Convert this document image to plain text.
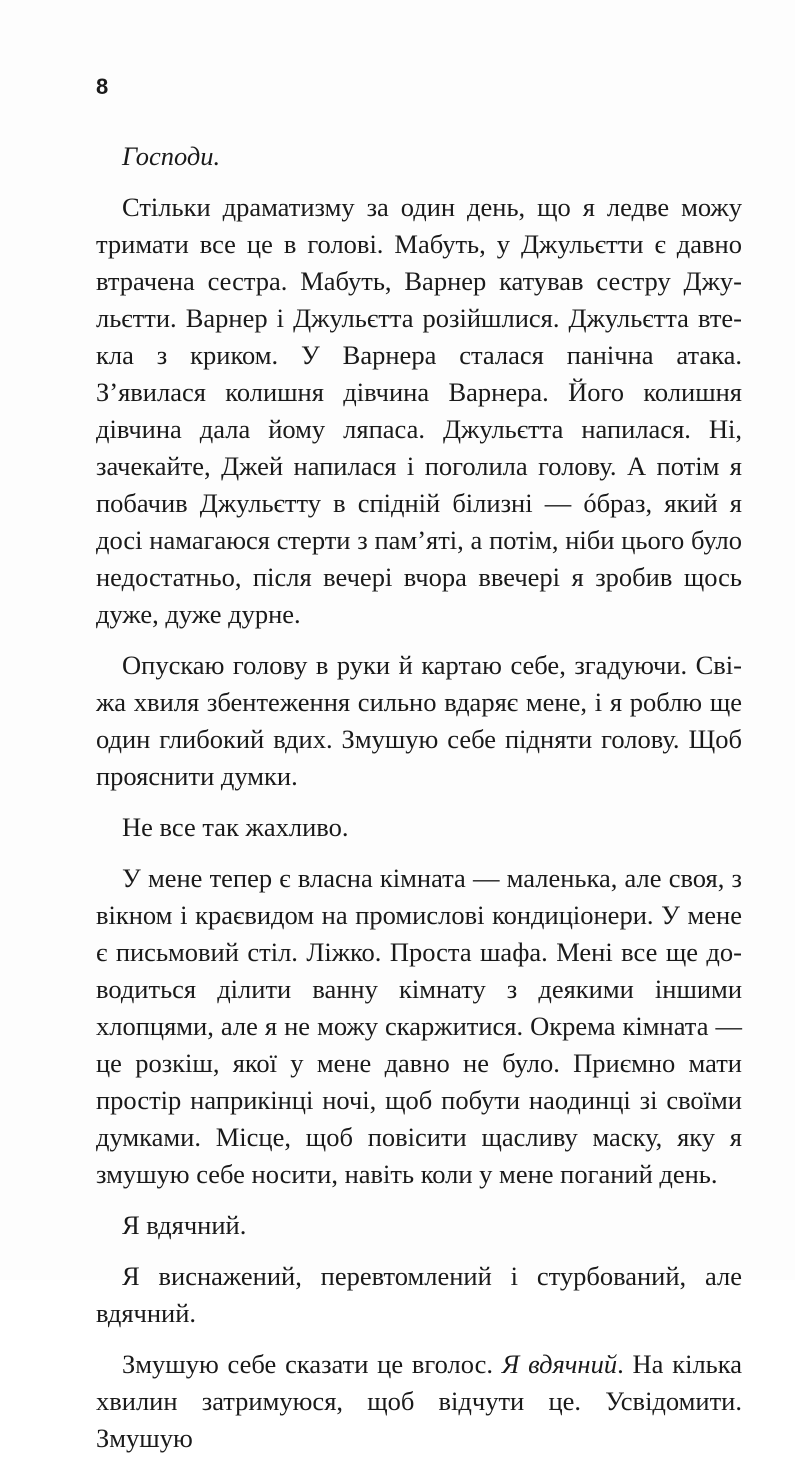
8

Господи.

Стільки драматизму за один день, що я ледве можу тримати все це в голові. Мабуть, у Джульєтти є давно втрачена сестра. Мабуть, Варнер катував сестру Джульєтти. Варнер і Джульєтта розійшлися. Джульєтта втекла з криком. У Варнера сталася панічна атака. З’явилася колишня дівчина Варнера. Його колишня дівчина дала йому ляпаса. Джульєтта напилася. Ні, зачекайте, Джей напилася і поголила голову. А потім я побачив Джульєтту в спідній білизні — óбраз, який я досі намагаюся стерти з пам’яті, а потім, ніби цього було недостатньо, після вечері вчора ввечері я зробив щось дуже, дуже дурне.

Опускаю голову в руки й картаю себе, згадуючи. Свіжа хвиля збентеження сильно вдаряє мене, і я роблю ще один глибокий вдих. Змушую себе підняти голову. Щоб прояснити думки.

Не все так жахливо.

У мене тепер є власна кімната — маленька, але своя, з вікном і краєвидом на промислові кондиціонери. У мене є письмовий стіл. Ліжко. Проста шафа. Мені все ще доводиться ділити ванну кімнату з деякими іншими хлопцями, але я не можу скаржитися. Окрема кімната — це розкіш, якої у мене давно не було. Приємно мати простір наприкінці ночі, щоб побути наодинці зі своїми думками. Місце, щоб повісити щасливу маску, яку я змушую себе носити, навіть коли у мене поганий день.

Я вдячний.

Я виснажений, перевтомлений і стурбований, але вдячний.

Змушую себе сказати це вголос. Я вдячний. На кілька хвилин затримуюся, щоб відчути це. Усвідомити. Змушую
